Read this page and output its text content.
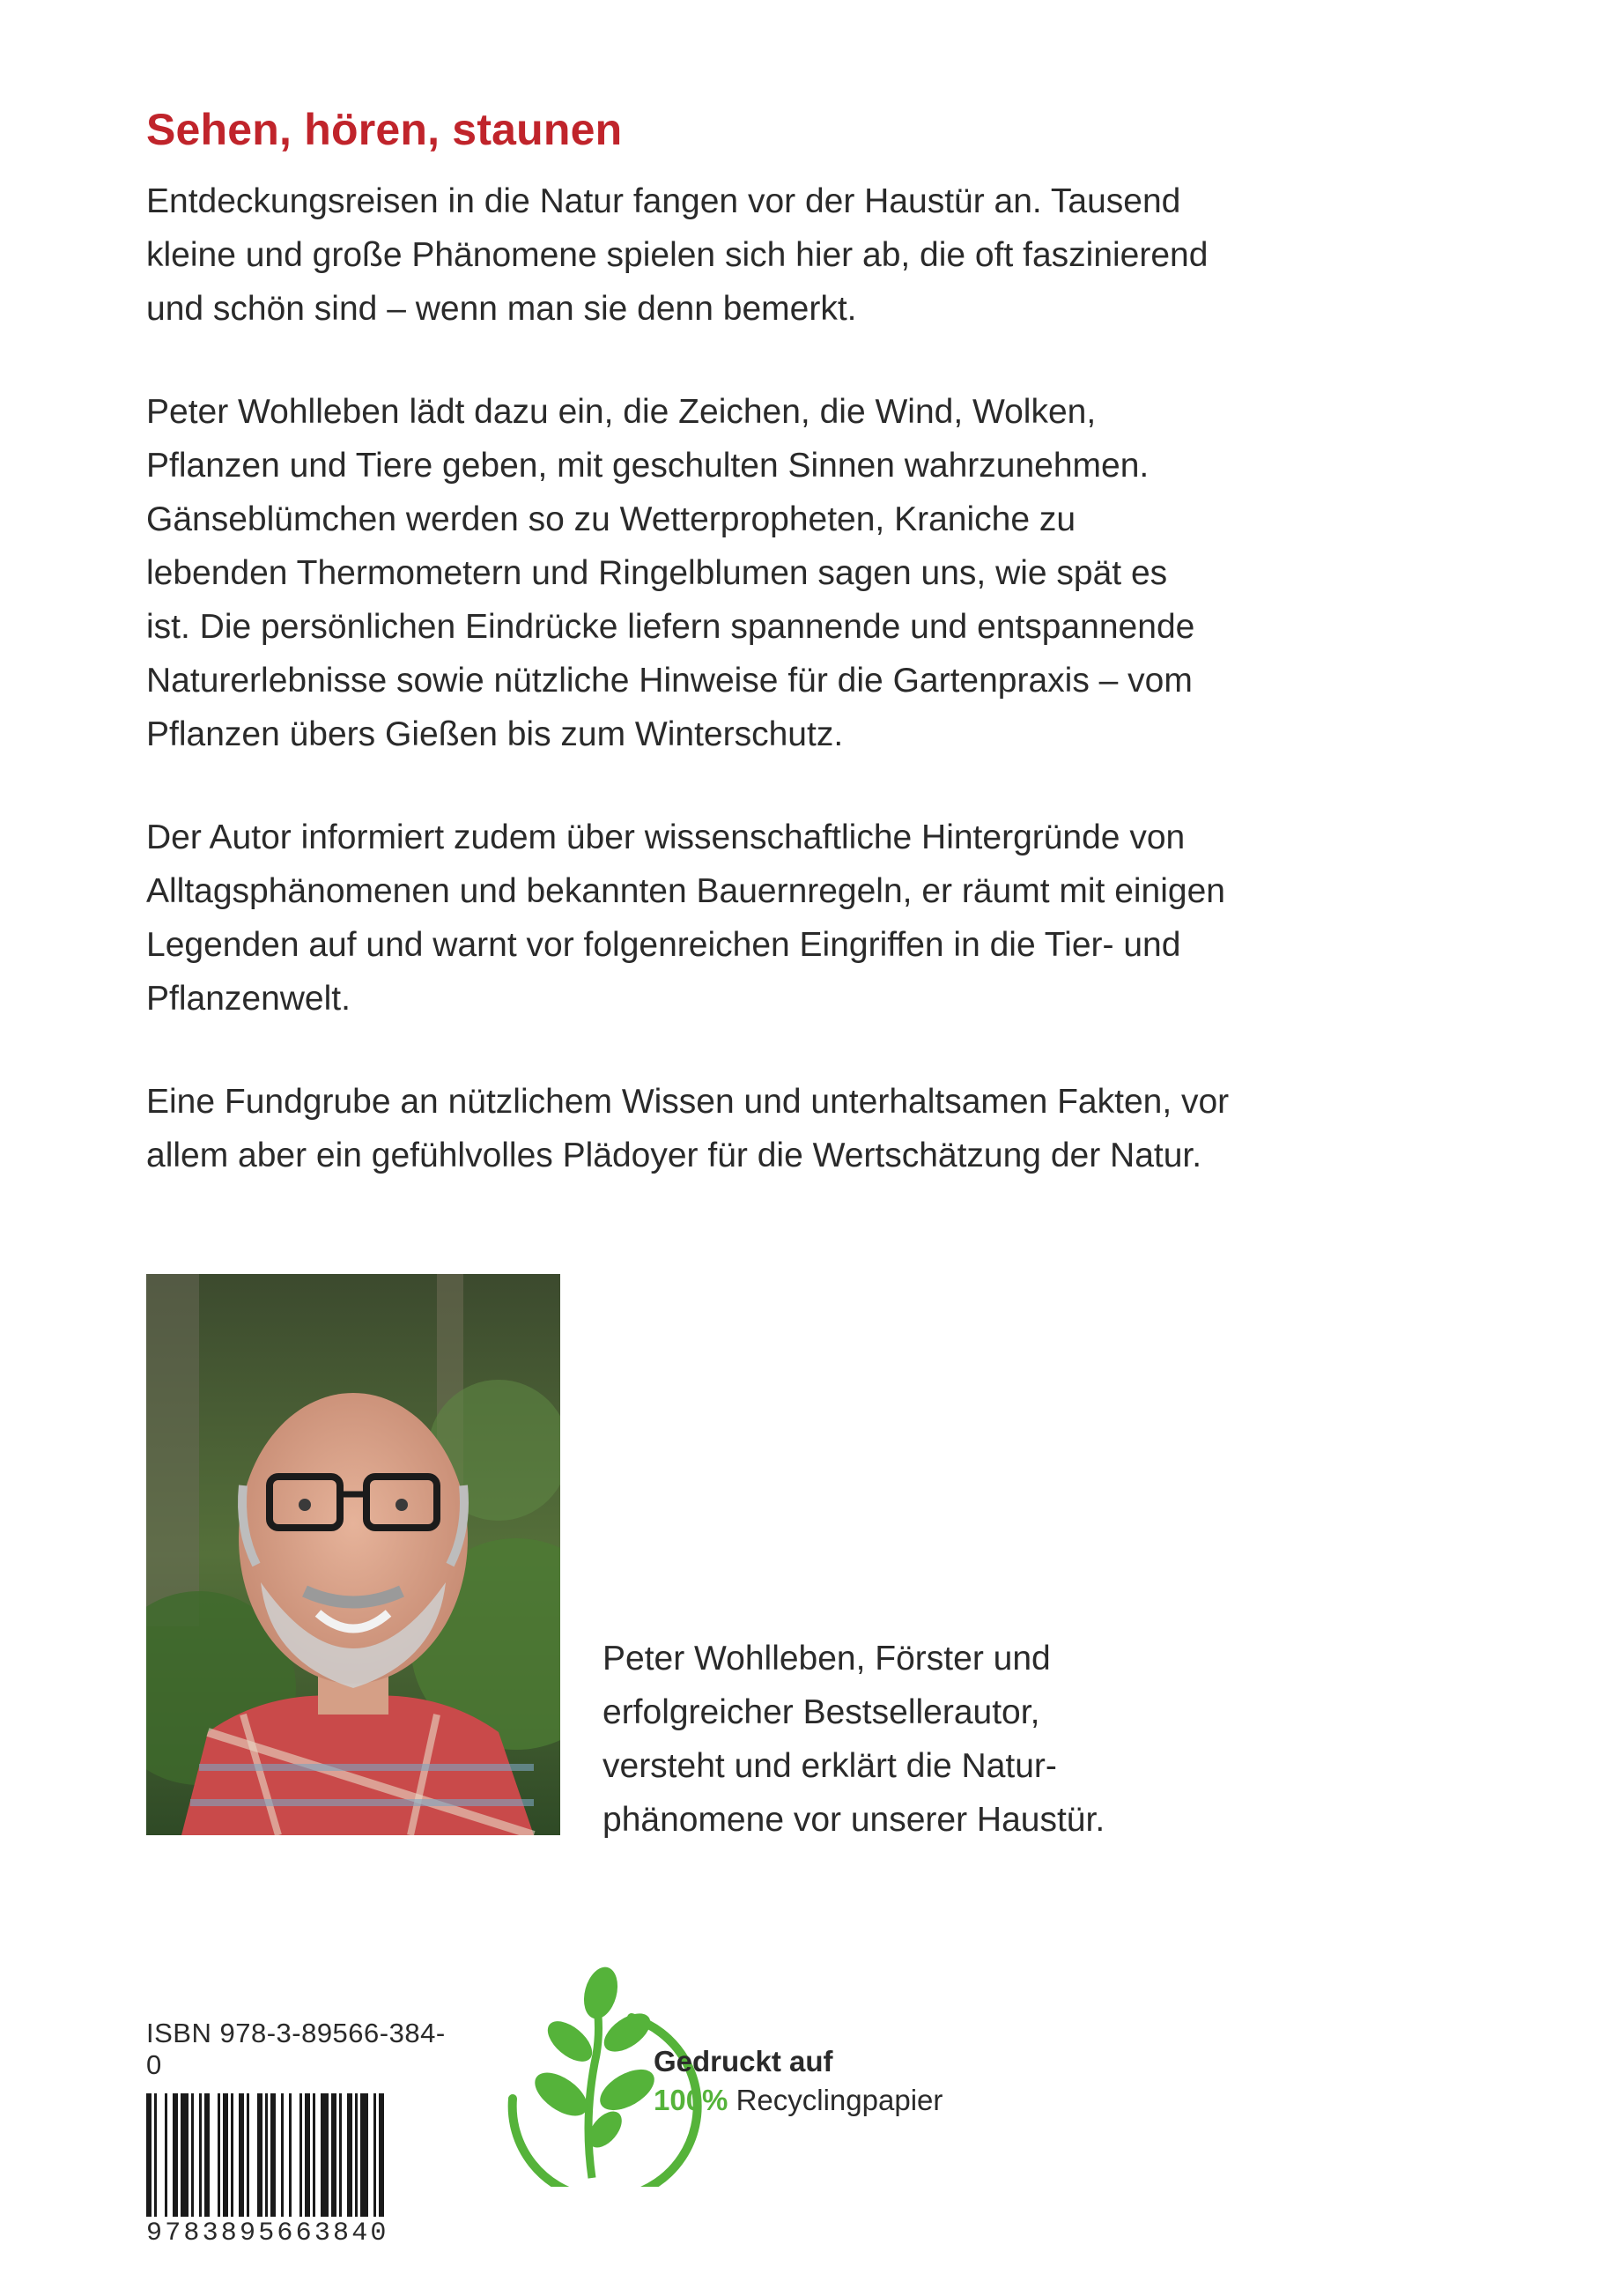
Sehen, hören, staunen

Entdeckungsreisen in die Natur fangen vor der Haustür an. Tausend
kleine und große Phänomene spielen sich hier ab, die oft faszinierend
und schön sind – wenn man sie denn bemerkt.

Peter Wohlleben lädt dazu ein, die Zeichen, die Wind, Wolken,
Pflanzen und Tiere geben, mit geschulten Sinnen wahrzunehmen.
Gänseblümchen werden so zu Wetterpropheten, Kraniche zu
lebenden Thermometern und Ringelblumen sagen uns, wie spät es
ist. Die persönlichen Eindrücke liefern spannende und entspannende
Naturerlebnisse sowie nützliche Hinweise für die Gartenpraxis – vom
Pflanzen übers Gießen bis zum Winterschutz.

Der Autor informiert zudem über wissenschaftliche Hintergründe von
Alltagsphänomenen und bekannten Bauernregeln, er räumt mit einigen
Legenden auf und warnt vor folgenreichen Eingriffen in die Tier- und
Pflanzenwelt.

Eine Fundgrube an nützlichem Wissen und unterhaltsamen Fakten, vor
allem aber ein gefühlvolles Plädoyer für die Wertschätzung der Natur.

Peter Wohlleben, Förster und
erfolgreicher Bestsellerautor,
versteht und erklärt die Natur-
phänomene vor unserer Haustür.
ISBN 978-3-89566-384-0
9783895663840
Gedruckt auf
100% Recyclingpapier
